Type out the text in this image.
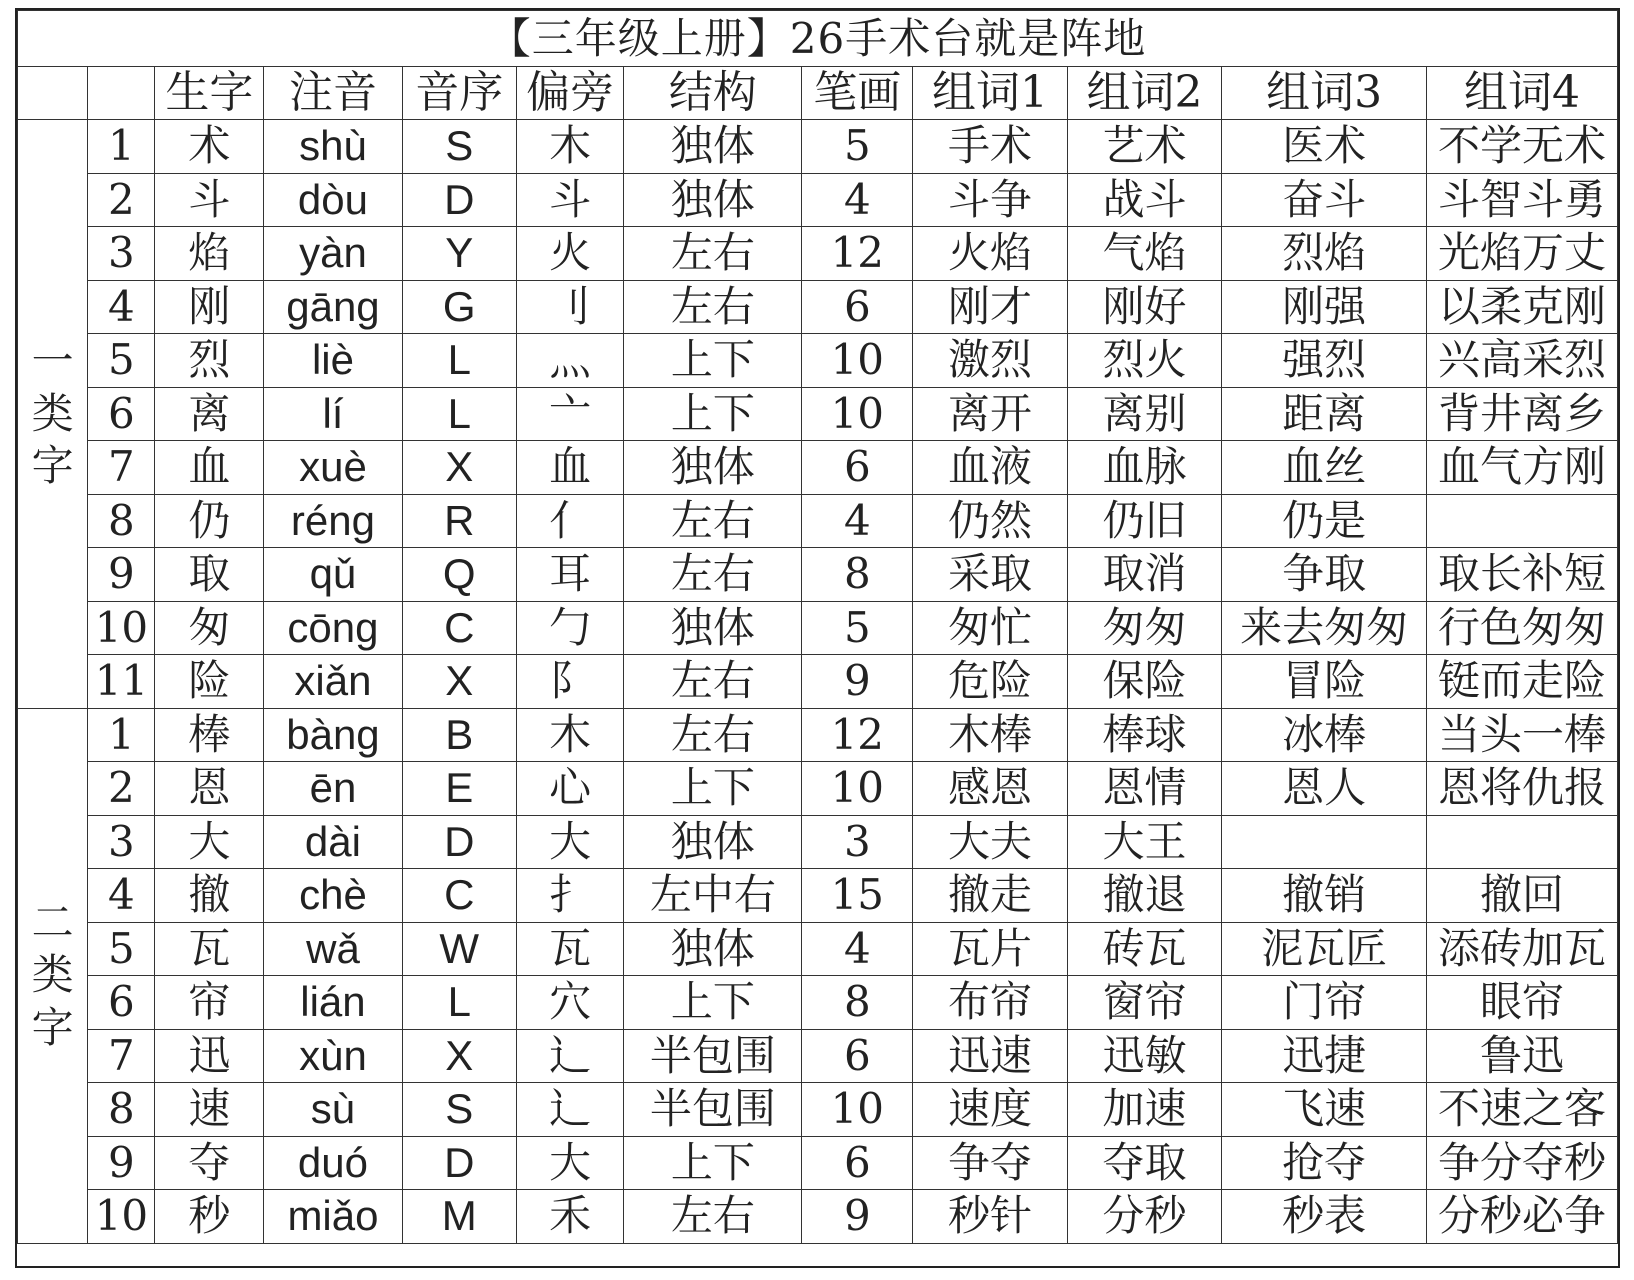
【三年级上册】26手术台就是阵地											
		生字	注音	音序	偏旁	结构	笔画	组词1	组词2	组词3	组词4
一类字	1	术	shù	S	木	独体	5	手术	艺术	医术	不学无术
	2	斗	dòu	D	斗	独体	4	斗争	战斗	奋斗	斗智斗勇
	3	焰	yàn	Y	火	左右	12	火焰	气焰	烈焰	光焰万丈
	4	刚	gāng	G	刂	左右	6	刚才	刚好	刚强	以柔克刚
	5	烈	liè	L	灬	上下	10	激烈	烈火	强烈	兴高采烈
	6	离	lí	L	亠	上下	10	离开	离别	距离	背井离乡
	7	血	xuè	X	血	独体	6	血液	血脉	血丝	血气方刚
	8	仍	réng	R	亻	左右	4	仍然	仍旧	仍是	
	9	取	qǔ	Q	耳	左右	8	采取	取消	争取	取长补短
	10	匆	cōng	C	勹	独体	5	匆忙	匆匆	来去匆匆	行色匆匆
	11	险	xiǎn	X	阝	左右	9	危险	保险	冒险	铤而走险
二类字	1	棒	bàng	B	木	左右	12	木棒	棒球	冰棒	当头一棒
	2	恩	ēn	E	心	上下	10	感恩	恩情	恩人	恩将仇报
	3	大	dài	D	大	独体	3	大夫	大王		
	4	撤	chè	C	扌	左中右	15	撤走	撤退	撤销	撤回
	5	瓦	wǎ	W	瓦	独体	4	瓦片	砖瓦	泥瓦匠	添砖加瓦
	6	帘	lián	L	穴	上下	8	布帘	窗帘	门帘	眼帘
	7	迅	xùn	X	辶	半包围	6	迅速	迅敏	迅捷	鲁迅
	8	速	sù	S	辶	半包围	10	速度	加速	飞速	不速之客
	9	夺	duó	D	大	上下	6	争夺	夺取	抢夺	争分夺秒
	10	秒	miǎo	M	禾	左右	9	秒针	分秒	秒表	分秒必争
